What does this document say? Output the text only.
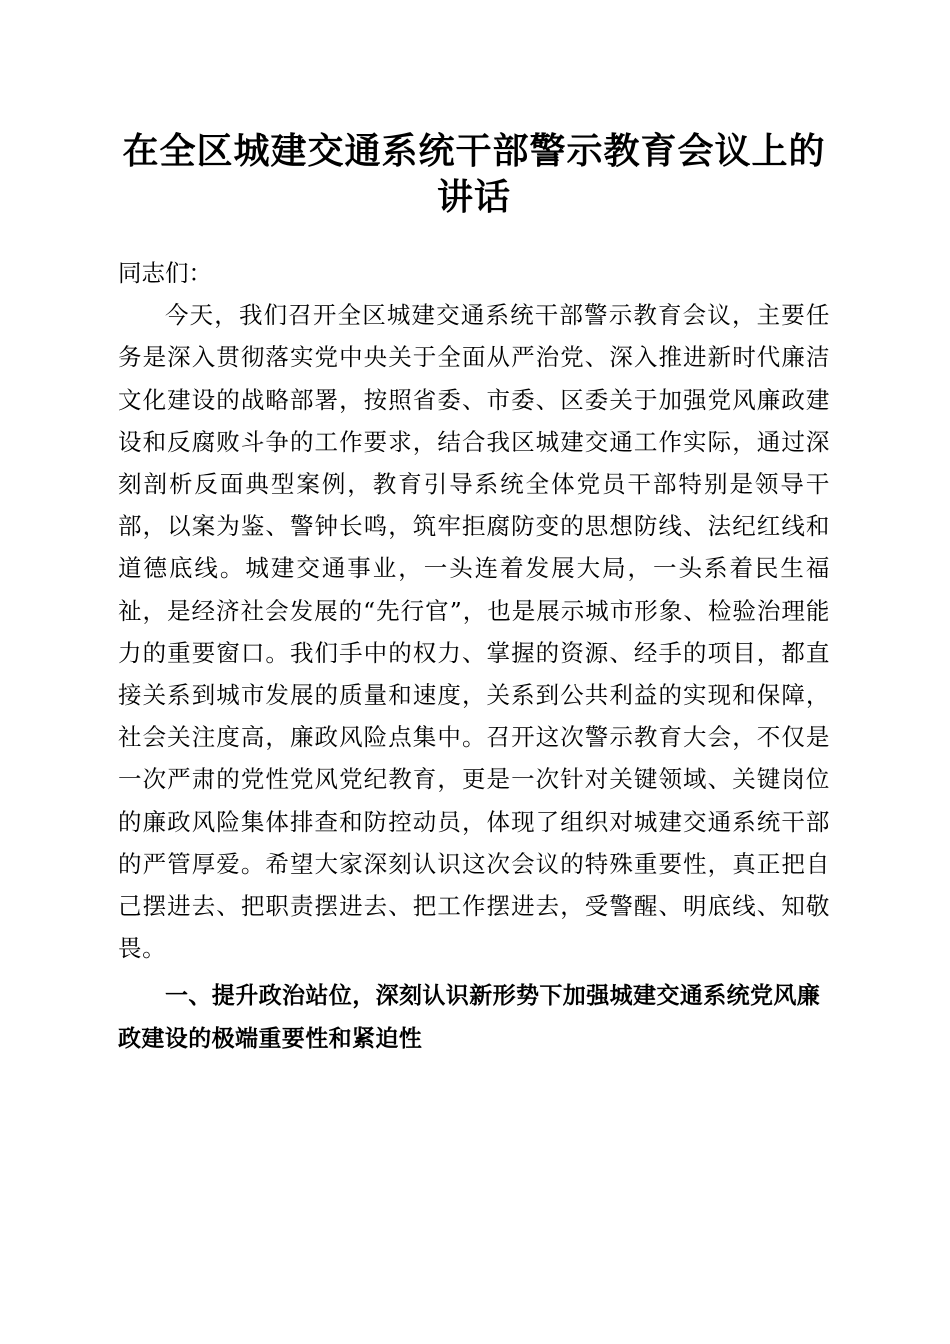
在全区城建交通系统干部警示教育会议上的讲话

同志们：

今天，我们召开全区城建交通系统干部警示教育会议，主要任务是深入贯彻落实党中央关于全面从严治党、深入推进新时代廉洁文化建设的战略部署，按照省委、市委、区委关于加强党风廉政建设和反腐败斗争的工作要求，结合我区城建交通工作实际，通过深刻剖析反面典型案例，教育引导系统全体党员干部特别是领导干部，以案为鉴、警钟长鸣，筑牢拒腐防变的思想防线、法纪红线和道德底线。城建交通事业，一头连着发展大局，一头系着民生福祉，是经济社会发展的“先行官”，也是展示城市形象、检验治理能力的重要窗口。我们手中的权力、掌握的资源、经手的项目，都直接关系到城市发展的质量和速度，关系到公共利益的实现和保障，社会关注度高，廉政风险点集中。召开这次警示教育大会，不仅是一次严肃的党性党风党纪教育，更是一次针对关键领域、关键岗位的廉政风险集体排查和防控动员，体现了组织对城建交通系统干部的严管厚爱。希望大家深刻认识这次会议的特殊重要性，真正把自己摆进去、把职责摆进去、把工作摆进去，受警醒、明底线、知敬畏。

一、提升政治站位，深刻认识新形势下加强城建交通系统党风廉政建设的极端重要性和紧迫性
